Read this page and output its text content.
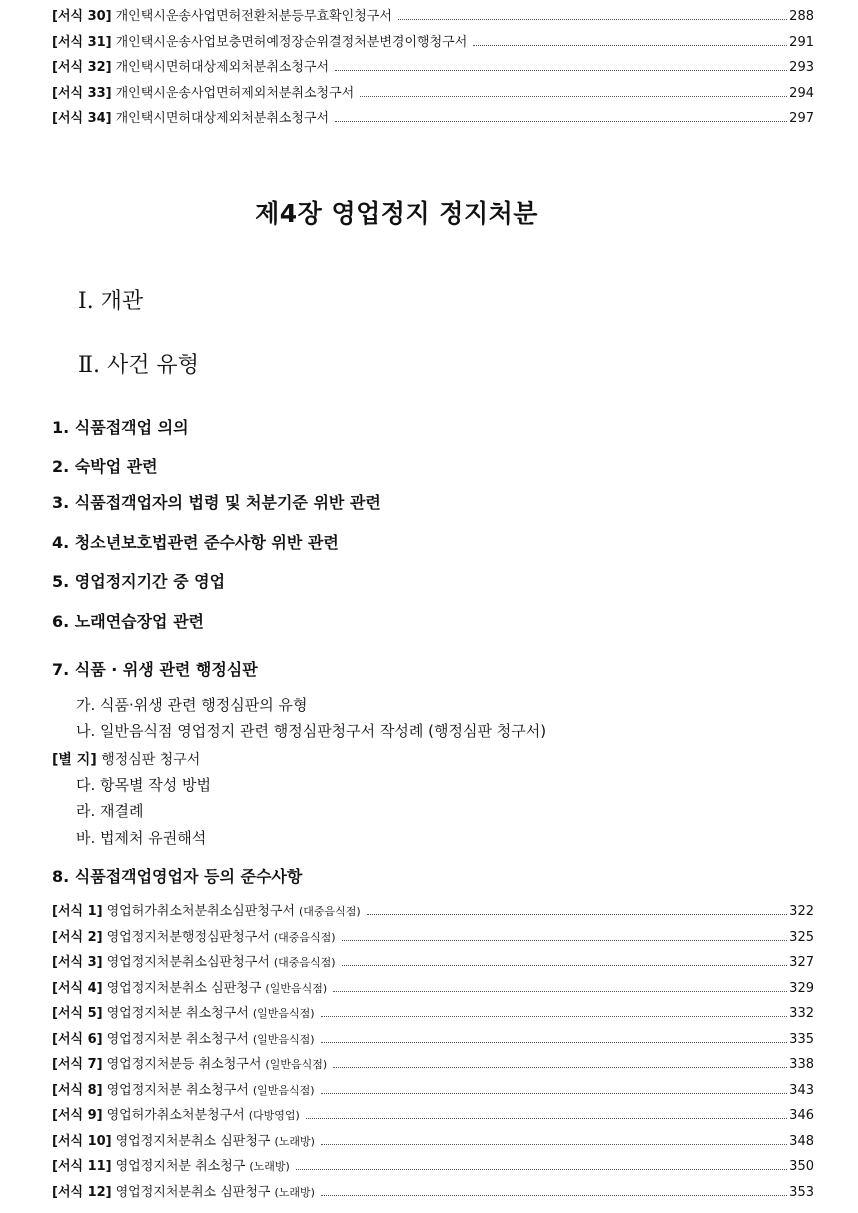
[서식 30] 개인택시운송사업면허전환처분등무효확인청구서	288
[서식 31] 개인택시운송사업보충면허예정장순위결정처분변경이행청구서	291
[서식 32] 개인택시면허대상제외처분취소청구서	293
[서식 33] 개인택시운송사업면허제외처분취소청구서	294
[서식 34] 개인택시면허대상제외처분취소청구서	297
제4장 영업정지 정지처분
Ⅰ. 개관
Ⅱ. 사건 유형
1. 식품접객업 의의
2. 숙박업 관련
3. 식품접객업자의 법령 및 처분기준 위반 관련
4. 청소년보호법관련 준수사항 위반 관련
5. 영업정지기간 중 영업
6. 노래연습장업 관련
7. 식품 · 위생 관련 행정심판
가. 식품·위생 관련 행정심판의 유형
나. 일반음식점 영업정지 관련 행정심판청구서 작성례 (행정심판 청구서)
[별 지] 행정심판 청구서
다. 항목별 작성 방법
라. 재결례
바. 법제처 유권해석
8. 식품접객업영업자 등의 준수사항
[서식 1] 영업허가취소처분취소심판청구서 (대중음식점)	322
[서식 2] 영업정지처분행정심판청구서 (대중음식점)	325
[서식 3] 영업정지처분취소심판청구서 (대중음식점)	327
[서식 4] 영업정지처분취소 심판청구 (일반음식점)	329
[서식 5] 영업정지처분 취소청구서 (일반음식점)	332
[서식 6] 영업정지처분 취소청구서 (일반음식점)	335
[서식 7] 영업정지처분등 취소청구서 (일반음식점)	338
[서식 8] 영업정지처분 취소청구서 (일반음식점)	343
[서식 9] 영업허가취소처분청구서 (다방영업)	346
[서식 10] 영업정지처분취소 심판청구 (노래방)	348
[서식 11] 영업정지처분 취소청구 (노래방)	350
[서식 12] 영업정지처분취소 심판청구 (노래방)	353
